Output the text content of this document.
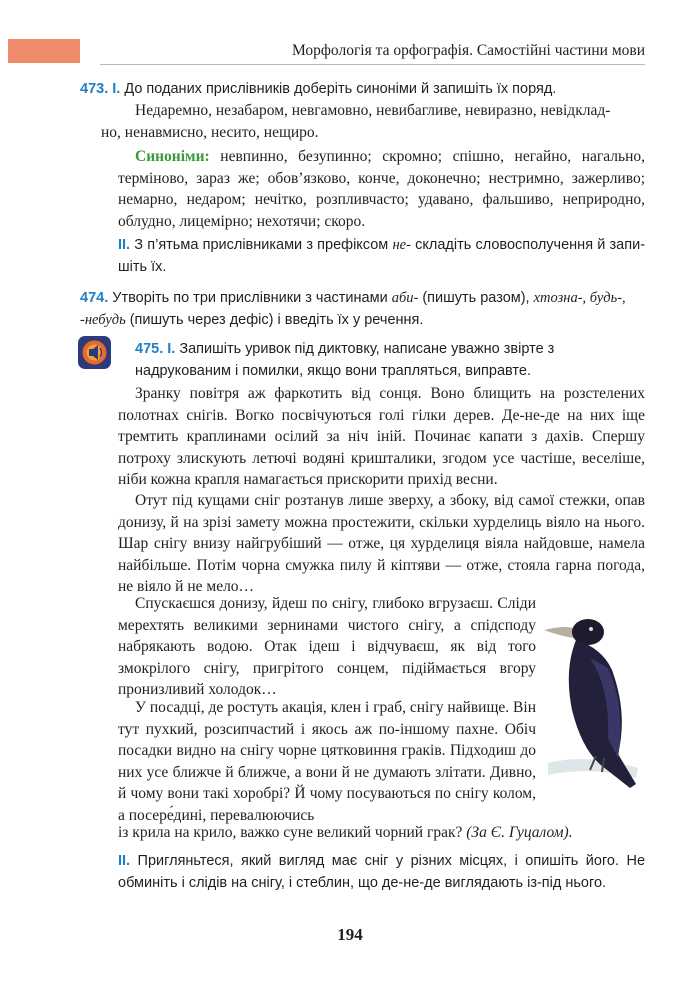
Морфологія та орфографія. Самостійні частини мови
473. І. До поданих прислівників доберіть синоніми й запишіть їх поряд.
Недаремно, незабаром, невгамовно, невибагливе, невиразно, невідклад-
но, ненавмисно, несито, нещиро.
Синоніми: невпинно, безупинно; скромно; спішно, негайно, нагально, терміново, зараз же; обов’язково, конче, доконечно; нестримно, зажерливо; немарно, недаром; нечітко, розпливчасто; удавано, фальшиво, неприродно, облудно, лицемірно; нехотячи; скоро.
ІІ. З п’ятьма прислівниками з префіксом не- складіть словосполучення й запи-шіть їх.
474. Утворіть по три прислівники з частинами аби- (пишуть разом), хтозна-, будь-, -небудь (пишуть через дефіс) і введіть їх у речення.
475. І. Запишіть уривок під диктовку, написане уважно звірте з надрукованим і помилки, якщо вони трапляться, виправте.
Зранку повітря аж фаркотить від сонця. Воно блищить на розстелених полотнах снігів. Вогко посвічуються голі гілки дерев. Де-не-де на них іще тремтить краплинами осілий за ніч іній. Починає капати з дахів. Спершу потроху злискують летючі водяні кришталики, згодом усе частіше, веселіше, ніби кожна крапля намагається прискорити прихід весни.
Отут під кущами сніг розтанув лише зверху, а збоку, від самої стежки, опав донизу, й на зрізі замету можна простежити, скільки хурделиць віяло на нього. Шар снігу внизу найгрубіший — отже, ця хурделиця віяла найдовше, намела найбільше. Потім чорна смужка пилу й кіптяви — отже, стояла гарна погода, не віяло й не мело…
Спускаєшся донизу, йдеш по снігу, глибоко вгрузаєш. Сліди мерехтять великими зернинами чистого снігу, а спідсподу набрякають водою. Отак ідеш і відчуваєш, як від того змокрілого снігу, пригрітого сонцем, підіймається вгору пронизливий холодок…
У посадці, де ростуть акація, клен і граб, снігу найвище. Він тут пухкий, розсипчастий і якось аж по-іншому пахне. Обіч посадки видно на снігу чорне цятковиння граків. Підходиш до них усе ближче й ближче, а вони й не думають злітати. Дивно, й чому вони такі хоробрі? Й чому посуваються по снігу колом, а посере́дині, перевалюючись
із крила на крило, важко суне великий чорний грак? (За Є. Гуцалом).
ІІ. Пригляньтеся, який вигляд має сніг у різних місцях, і опишіть його. Не обминіть і слідів на снігу, і стеблин, що де-не-де виглядають із-під нього.
194
